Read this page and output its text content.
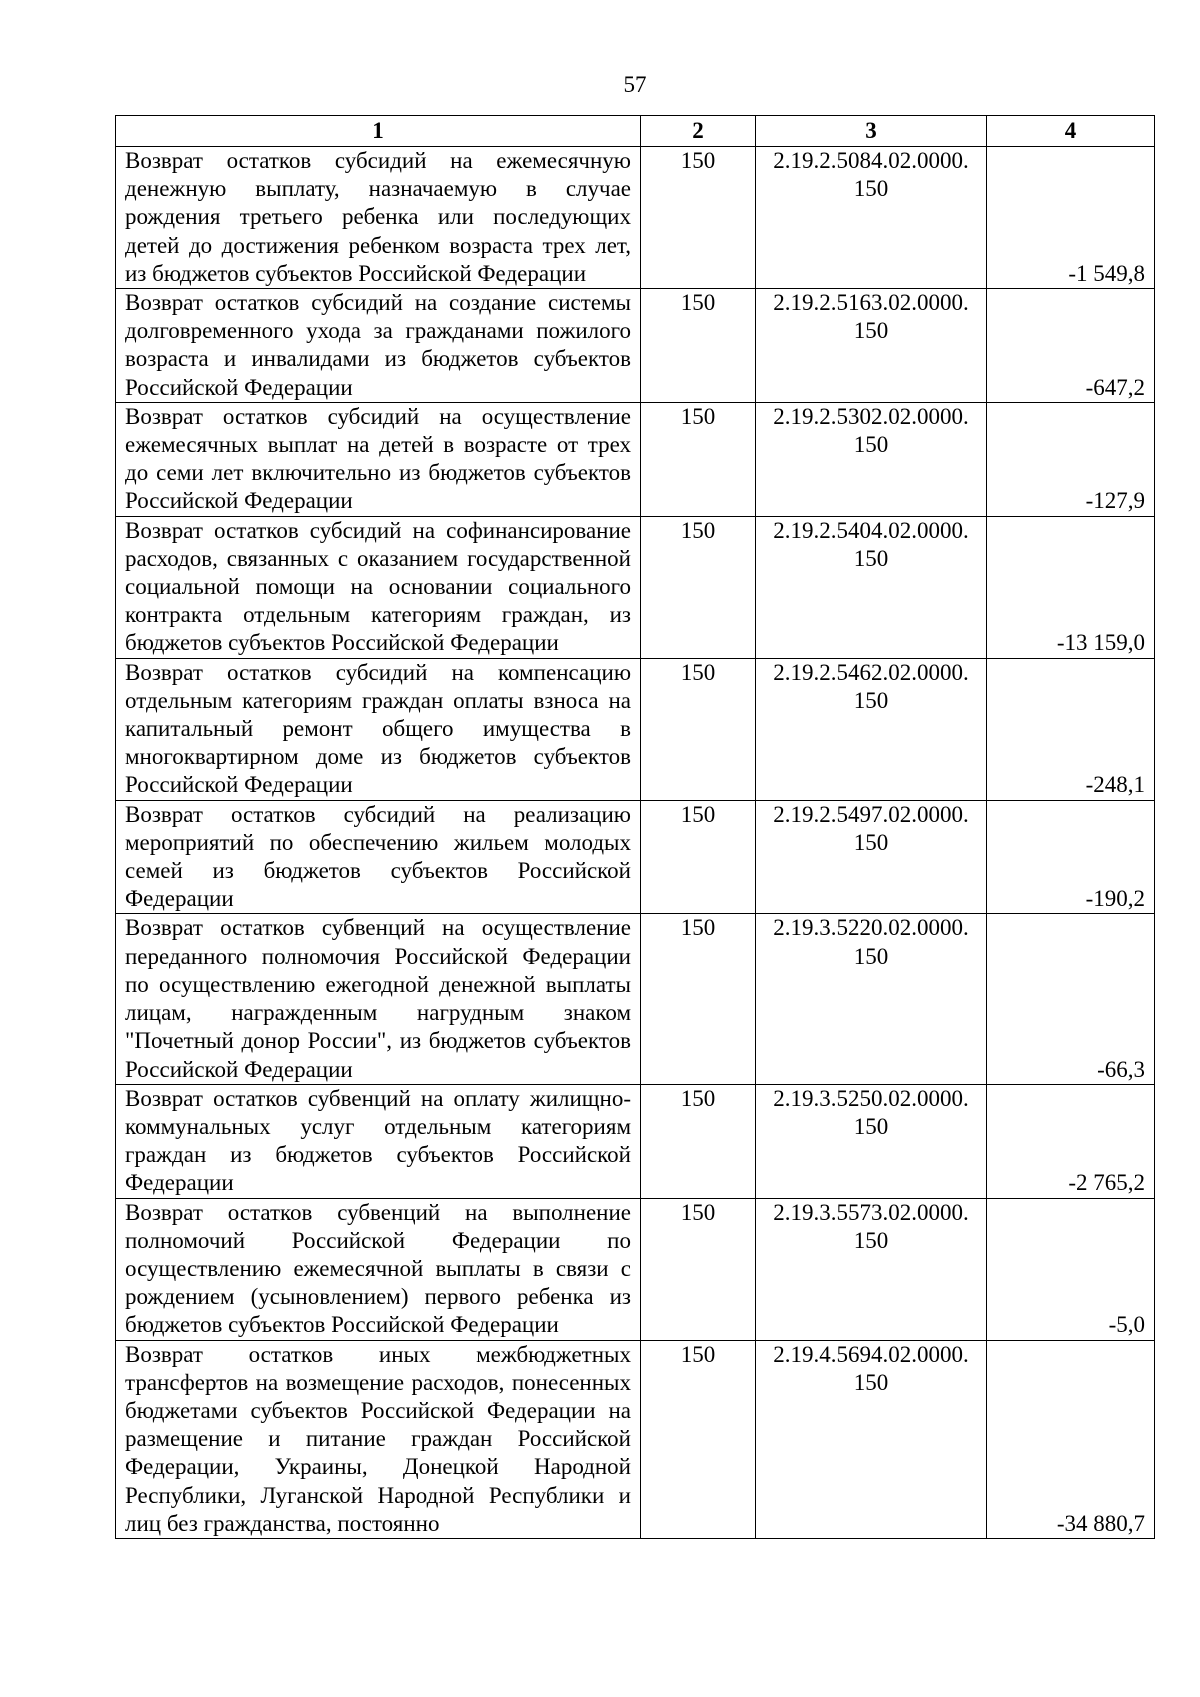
57
1	2	3	4
Возврат остатков субсидий на ежемесячную денежную выплату, назначаемую в случае рождения третьего ребенка или последующих детей до достижения ребенком возраста трех лет, из бюджетов субъектов Российской Федерации	150	2.19.2.5084.02.0000. 150	-1 549,8
Возврат остатков субсидий на создание системы долговременного ухода за гражданами пожилого возраста и инвалидами из бюджетов субъектов Российской Федерации	150	2.19.2.5163.02.0000. 150	-647,2
Возврат остатков субсидий на осуществление ежемесячных выплат на детей в возрасте от трех до семи лет включительно из бюджетов субъектов Российской Федерации	150	2.19.2.5302.02.0000. 150	-127,9
Возврат остатков субсидий на софинансирование расходов, связанных с оказанием государственной социальной помощи на основании социального контракта отдельным категориям граждан, из бюджетов субъектов Российской Федерации	150	2.19.2.5404.02.0000. 150	-13 159,0
Возврат остатков субсидий на компенсацию отдельным категориям граждан оплаты взноса на капитальный ремонт общего имущества в многоквартирном доме из бюджетов субъектов Российской Федерации	150	2.19.2.5462.02.0000. 150	-248,1
Возврат остатков субсидий на реализацию мероприятий по обеспечению жильем молодых семей из бюджетов субъектов Российской Федерации	150	2.19.2.5497.02.0000. 150	-190,2
Возврат остатков субвенций на осуществление переданного полномочия Российской Федерации по осуществлению ежегодной денежной выплаты лицам, награжденным нагрудным знаком "Почетный донор России", из бюджетов субъектов Российской Федерации	150	2.19.3.5220.02.0000. 150	-66,3
Возврат остатков субвенций на оплату жилищно-коммунальных услуг отдельным категориям граждан из бюджетов субъектов Российской Федерации	150	2.19.3.5250.02.0000. 150	-2 765,2
Возврат остатков субвенций на выполнение полномочий Российской Федерации по осуществлению ежемесячной выплаты в связи с рождением (усыновлением) первого ребенка из бюджетов субъектов Российской Федерации	150	2.19.3.5573.02.0000. 150	-5,0
Возврат остатков иных межбюджетных трансфертов на возмещение расходов, понесенных бюджетами субъектов Российской Федерации на размещение и питание граждан Российской Федерации, Украины, Донецкой Народной Республики, Луганской Народной Республики и лиц без гражданства, постоянно	150	2.19.4.5694.02.0000. 150	-34 880,7
